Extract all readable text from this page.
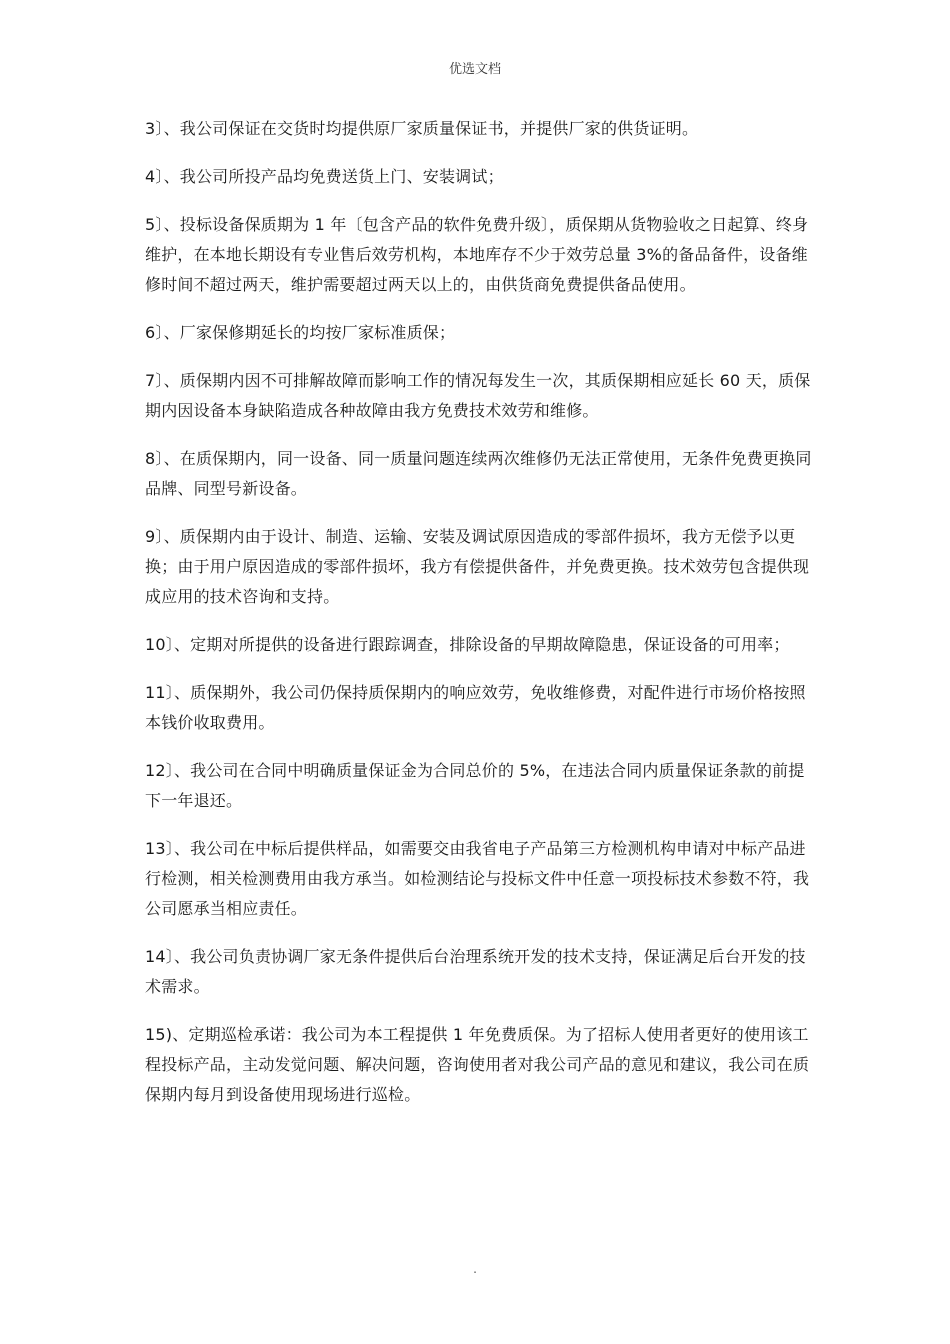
优选文档

3〕、我公司保证在交货时均提供原厂家质量保证书，并提供厂家的供货证明。

4〕、我公司所投产品均免费送货上门、安装调试；

5〕、投标设备保质期为 1 年〔包含产品的软件免费升级〕，质保期从货物验收之日起算、终身维护，在本地长期设有专业售后效劳机构，本地库存不少于效劳总量 3%的备品备件，设备维修时间不超过两天，维护需要超过两天以上的，由供货商免费提供备品使用。

6〕、厂家保修期延长的均按厂家标准质保；

7〕、质保期内因不可排解故障而影响工作的情况每发生一次，其质保期相应延长 60 天，质保期内因设备本身缺陷造成各种故障由我方免费技术效劳和维修。

8〕、在质保期内，同一设备、同一质量问题连续两次维修仍无法正常使用，无条件免费更换同品牌、同型号新设备。

9〕、质保期内由于设计、制造、运输、安装及调试原因造成的零部件损坏，我方无偿予以更换；由于用户原因造成的零部件损坏，我方有偿提供备件，并免费更换。技术效劳包含提供现成应用的技术咨询和支持。

10〕、定期对所提供的设备进行跟踪调查，排除设备的早期故障隐患，保证设备的可用率；

11〕、质保期外，我公司仍保持质保期内的响应效劳，免收维修费，对配件进行市场价格按照本钱价收取费用。

12〕、我公司在合同中明确质量保证金为合同总价的 5%，在违法合同内质量保证条款的前提下一年退还。

13〕、我公司在中标后提供样品，如需要交由我省电子产品第三方检测机构申请对中标产品进行检测，相关检测费用由我方承当。如检测结论与投标文件中任意一项投标技术参数不符，我公司愿承当相应责任。

14〕、我公司负责协调厂家无条件提供后台治理系统开发的技术支持，保证满足后台开发的技术需求。

15)、定期巡检承诺：我公司为本工程提供 1 年免费质保。为了招标人使用者更好的使用该工程投标产品，主动发觉问题、解决问题，咨询使用者对我公司产品的意见和建议，我公司在质保期内每月到设备使用现场进行巡检。

.
